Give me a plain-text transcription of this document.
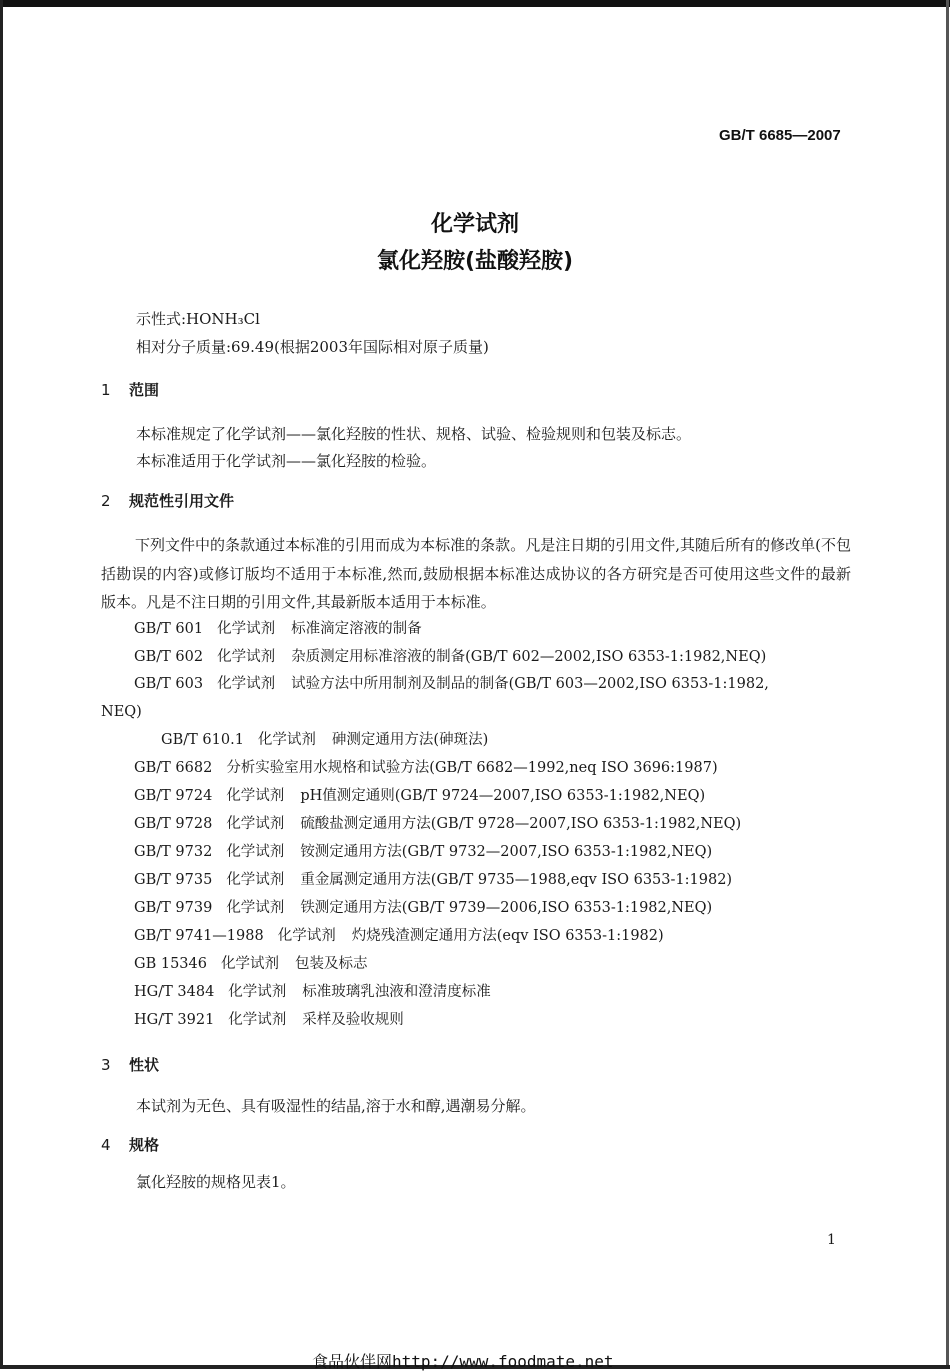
GB/T 6685—2007
化学试剂
氯化羟胺(盐酸羟胺)
示性式:HONH₃Cl
相对分子质量:69.49(根据2003年国际相对原子质量)
1 范围
本标准规定了化学试剂——氯化羟胺的性状、规格、试验、检验规则和包装及标志。
本标准适用于化学试剂——氯化羟胺的检验。
2 规范性引用文件
下列文件中的条款通过本标准的引用而成为本标准的条款。凡是注日期的引用文件,其随后所有的修改单(不包括勘误的内容)或修订版均不适用于本标准,然而,鼓励根据本标准达成协议的各方研究是否可使用这些文件的最新版本。凡是不注日期的引用文件,其最新版本适用于本标准。
GB/T 601 化学试剂 标准滴定溶液的制备
GB/T 602 化学试剂 杂质测定用标准溶液的制备(GB/T 602—2002,ISO 6353-1:1982,NEQ)
GB/T 603 化学试剂 试验方法中所用制剂及制品的制备(GB/T 603—2002,ISO 6353-1:1982,
NEQ)
GB/T 610.1 化学试剂 砷测定通用方法(砷斑法)
GB/T 6682 分析实验室用水规格和试验方法(GB/T 6682—1992,neq ISO 3696:1987)
GB/T 9724 化学试剂 pH值测定通则(GB/T 9724—2007,ISO 6353-1:1982,NEQ)
GB/T 9728 化学试剂 硫酸盐测定通用方法(GB/T 9728—2007,ISO 6353-1:1982,NEQ)
GB/T 9732 化学试剂 铵测定通用方法(GB/T 9732—2007,ISO 6353-1:1982,NEQ)
GB/T 9735 化学试剂 重金属测定通用方法(GB/T 9735—1988,eqv ISO 6353-1:1982)
GB/T 9739 化学试剂 铁测定通用方法(GB/T 9739—2006,ISO 6353-1:1982,NEQ)
GB/T 9741—1988 化学试剂 灼烧残渣测定通用方法(eqv ISO 6353-1:1982)
GB 15346 化学试剂 包装及标志
HG/T 3484 化学试剂 标准玻璃乳浊液和澄清度标准
HG/T 3921 化学试剂 采样及验收规则
3 性状
本试剂为无色、具有吸湿性的结晶,溶于水和醇,遇潮易分解。
4 规格
氯化羟胺的规格见表1。
1
食品伙伴网http://www.foodmate.net
